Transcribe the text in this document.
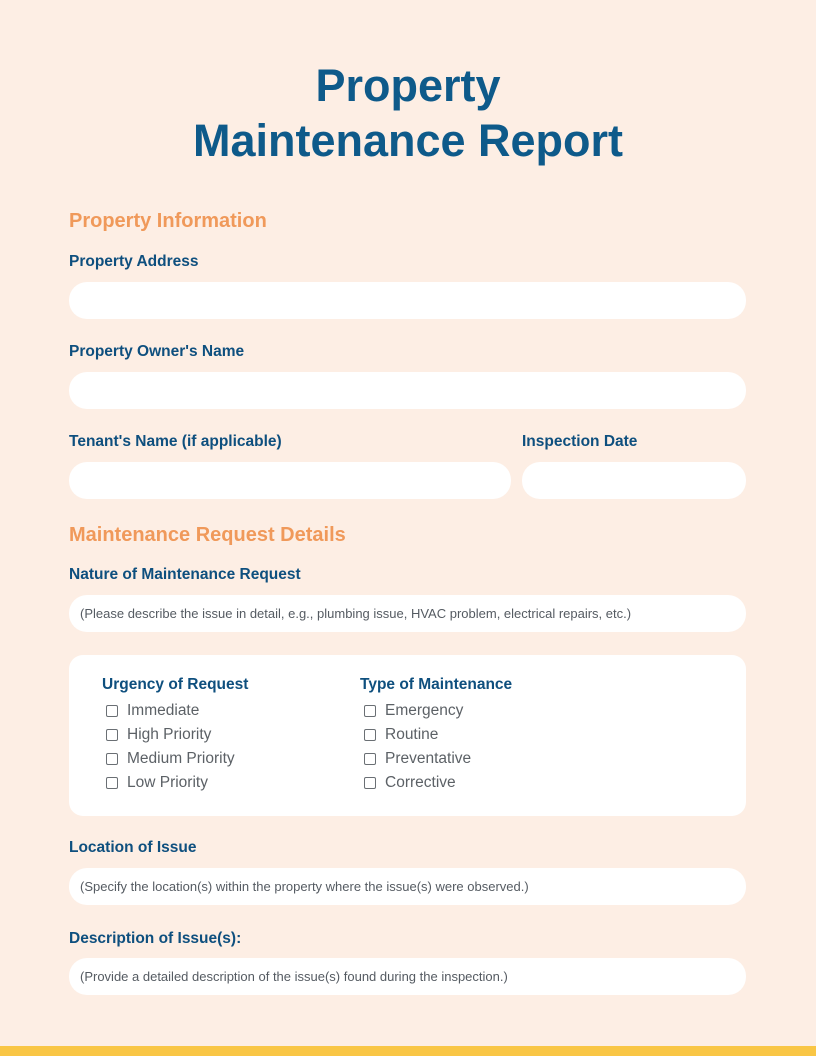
Property
Maintenance Report
Property Information
Property Address
Property Owner's Name
Tenant's Name (if applicable)	Inspection Date
Maintenance Request Details
Nature of Maintenance Request
(Please describe the issue in detail, e.g., plumbing issue, HVAC problem, electrical repairs, etc.)
Urgency of Request
Immediate
High Priority
Medium Priority
Low Priority
Type of Maintenance
Emergency
Routine
Preventative
Corrective
Location of Issue
(Specify the location(s) within the property where the issue(s) were observed.)
Description of Issue(s):
(Provide a detailed description of the issue(s) found during the inspection.)
